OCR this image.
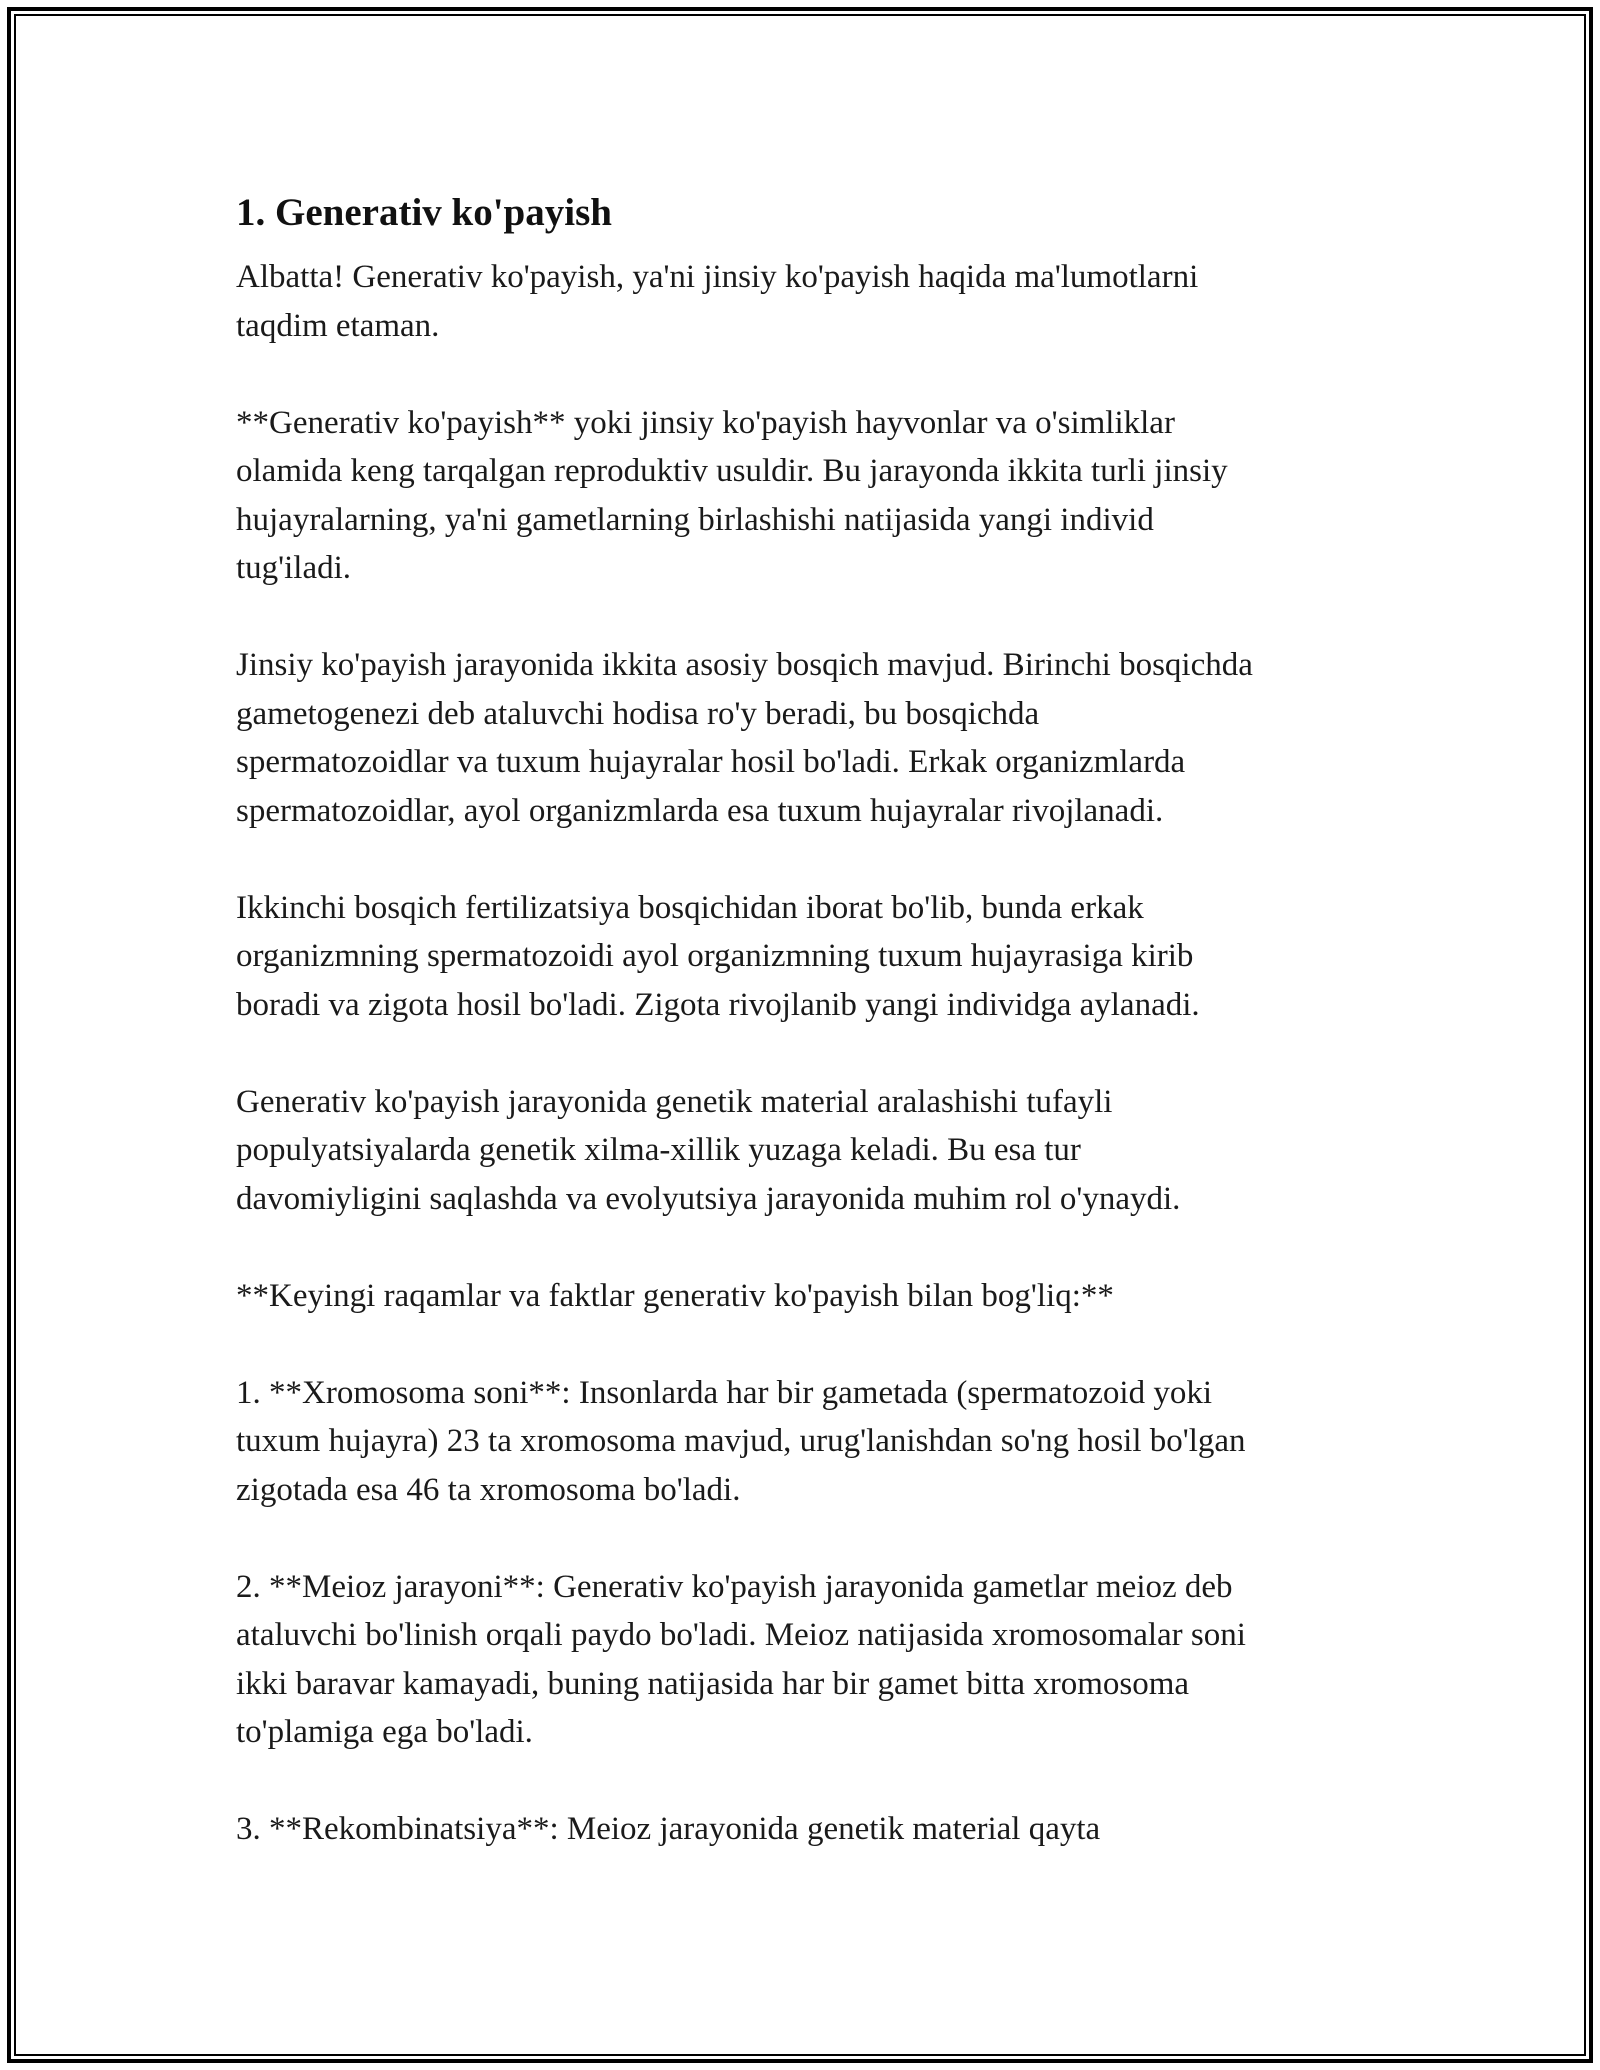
1. Generativ ko'payish
Albatta! Generativ ko'payish, ya'ni jinsiy ko'payish haqida ma'lumotlarni
taqdim etaman.
**Generativ ko'payish** yoki jinsiy ko'payish hayvonlar va o'simliklar
olamida keng tarqalgan reproduktiv usuldir. Bu jarayonda ikkita turli jinsiy
hujayralarning, ya'ni gametlarning birlashishi natijasida yangi individ
tug'iladi.
Jinsiy ko'payish jarayonida ikkita asosiy bosqich mavjud. Birinchi bosqichda
gametogenezi deb ataluvchi hodisa ro'y beradi, bu bosqichda
spermatozoidlar va tuxum hujayralar hosil bo'ladi. Erkak organizmlarda
spermatozoidlar, ayol organizmlarda esa tuxum hujayralar rivojlanadi.
Ikkinchi bosqich fertilizatsiya bosqichidan iborat bo'lib, bunda erkak
organizmning spermatozoidi ayol organizmning tuxum hujayrasiga kirib
boradi va zigota hosil bo'ladi. Zigota rivojlanib yangi individga aylanadi.
Generativ ko'payish jarayonida genetik material aralashishi tufayli
populyatsiyalarda genetik xilma-xillik yuzaga keladi. Bu esa tur
davomiyligini saqlashda va evolyutsiya jarayonida muhim rol o'ynaydi.
**Keyingi raqamlar va faktlar generativ ko'payish bilan bog'liq:**
1. **Xromosoma soni**: Insonlarda har bir gametada (spermatozoid yoki
tuxum hujayra) 23 ta xromosoma mavjud, urug'lanishdan so'ng hosil bo'lgan
zigotada esa 46 ta xromosoma bo'ladi.
2. **Meioz jarayoni**: Generativ ko'payish jarayonida gametlar meioz deb
ataluvchi bo'linish orqali paydo bo'ladi. Meioz natijasida xromosomalar soni
ikki baravar kamayadi, buning natijasida har bir gamet bitta xromosoma
to'plamiga ega bo'ladi.
3. **Rekombinatsiya**: Meioz jarayonida genetik material qayta
